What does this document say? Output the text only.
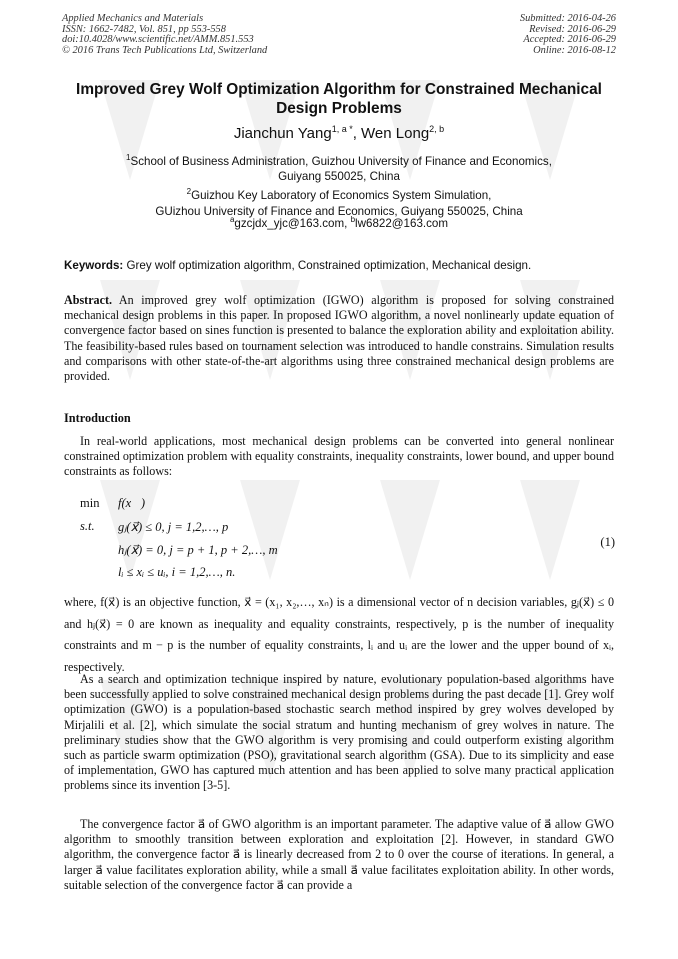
Applied Mechanics and Materials
ISSN: 1662-7482, Vol. 851, pp 553-558
doi:10.4028/www.scientific.net/AMM.851.553
© 2016 Trans Tech Publications Ltd, Switzerland
Submitted: 2016-04-26
Revised: 2016-06-29
Accepted: 2016-06-29
Online: 2016-08-12
Improved Grey Wolf Optimization Algorithm for Constrained Mechanical
Design Problems
Jianchun Yang$^{1, a *}$, Wen Long$^{2, b}$
$^1$School of Business Administration, Guizhou University of Finance and Economics,
Guiyang 550025, China
$^2$Guizhou Key Laboratory of Economics System Simulation,
GUizhou University of Finance and Economics, Guiyang 550025, China
$^a$gzcjdx_yjc@163.com, $^b$lw6822@163.com
Keywords: Grey wolf optimization algorithm, Constrained optimization, Mechanical design.
Abstract. An improved grey wolf optimization (IGWO) algorithm is proposed for solving constrained mechanical design problems in this paper. In proposed IGWO algorithm, a novel nonlinearly update equation of convergence factor based on sines function is presented to balance the exploration ability and exploitation ability. The feasibility-based rules based on tournament selection was introduced to handle constrains. Simulation results and comparisons with other state-of-the-art algorithms using three constrained mechanical design problems are provided.
Introduction
In real-world applications, most mechanical design problems can be converted into general nonlinear constrained optimization problem with equality constraints, inequality constraints, lower bound, and upper bound constraints as follows:
min	f(x⃗)
s.t.	gⱼ(x⃗) ≤ 0, j = 1,2,…, p
hⱼ(x⃗) = 0, j = p + 1, p + 2,…, m
lᵢ ≤ xᵢ ≤ uᵢ, i = 1,2,…, n.
(1)
where, f(x⃗) is an objective function, x⃗ = (x₁, x₂,…, xₙ) is a dimensional vector of n decision variables, gⱼ(x⃗) ≤ 0 and hⱼ(x⃗) = 0 are known as inequality and equality constraints, respectively, p is the number of inequality constraints and m − p is the number of equality constraints, lᵢ and uᵢ are the lower and the upper bound of xᵢ, respectively.
As a search and optimization technique inspired by nature, evolutionary population-based algorithms have been successfully applied to solve constrained mechanical design problems during the past decade [1]. Grey wolf optimization (GWO) is a population-based stochastic search method inspired by grey wolves developed by Mirjalili et al. [2], which simulate the social stratum and hunting mechanism of grey wolves in nature. The preliminary studies show that the GWO algorithm is very promising and could outperform existing algorithm such as particle swarm optimization (PSO), gravitational search algorithm (GSA). Due to its simplicity and ease of implementation, GWO has captured much attention and has been applied to solve many practical application problems since its invention [3-5].
The convergence factor a⃗ of GWO algorithm is an important parameter. The adaptive value of a⃗ allow GWO algorithm to smoothly transition between exploration and exploitation [2]. However, in standard GWO algorithm, the convergence factor a⃗ is linearly decreased from 2 to 0 over the course of iterations. In general, a larger a⃗ value facilitates exploration ability, while a small a⃗ value facilitates exploitation ability. In other words, suitable selection of the convergence factor a⃗ can provide a
